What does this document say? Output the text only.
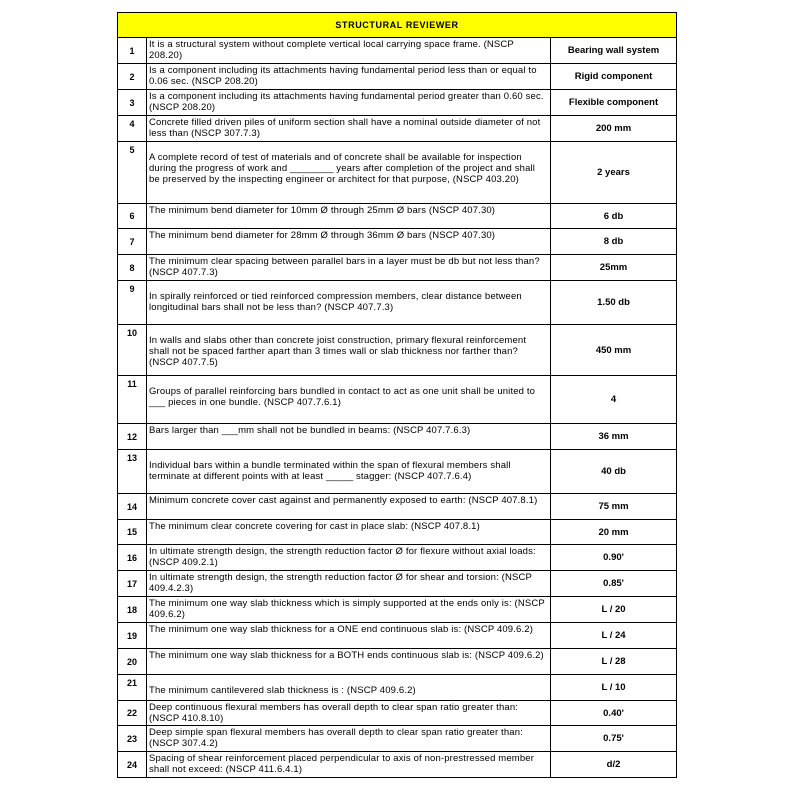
STRUCTURAL REVIEWER		
1	It is a structural system without complete vertical local carrying space frame. (NSCP 208.20)	Bearing wall system
2	Is a component including its attachments having fundamental period less than or equal to 0.06 sec. (NSCP 208.20)	Rigid component
3	Is a component including its attachments having fundamental period greater than 0.60 sec. (NSCP 208.20)	Flexible component
4	Concrete filled driven piles of uniform section shall have a nominal outside diameter of not less than (NSCP 307.7.3)	200 mm
5	A complete record of test of materials and of concrete shall be available for inspection during the progress of work and ________ years after completion of the project and shall be preserved by the inspecting engineer or architect for that purpose, (NSCP 403.20)	2 years
6	The minimum bend diameter for 10mm Ø through 25mm Ø bars (NSCP 407.30)	6 db
7	The minimum bend diameter for 28mm Ø through 36mm Ø bars (NSCP 407.30)	8 db
8	The minimum clear spacing between parallel bars in a layer must be db but not less than? (NSCP 407.7.3)	25mm
9	In spirally reinforced or tied reinforced compression members, clear distance between longitudinal bars shall not be less than? (NSCP 407.7.3)	1.50 db
10	In walls and slabs other than concrete joist construction, primary flexural reinforcement shall not be spaced farther apart than 3 times wall or slab thickness nor farther than? (NSCP 407.7.5)	450 mm
11	Groups of parallel reinforcing bars bundled in contact to act as one unit shall be united to ___ pieces in one bundle. (NSCP 407.7.6.1)	4
12	Bars larger than ___mm shall not be bundled in beams: (NSCP 407.7.6.3)	36 mm
13	Individual bars within a bundle terminated within the span of flexural members shall terminate at different points with at least _____ stagger: (NSCP 407.7.6.4)	40 db
14	Minimum concrete cover cast against and permanently exposed to earth: (NSCP 407.8.1)	75 mm
15	The minimum clear concrete covering for cast in place slab: (NSCP 407.8.1)	20 mm
16	In ultimate strength design, the strength reduction factor Ø for flexure without axial loads: (NSCP 409.2.1)	0.90'
17	In ultimate strength design, the strength reduction factor Ø for shear and torsion: (NSCP 409.4.2.3)	0.85'
18	The minimum one way slab thickness which is simply supported at the ends only is: (NSCP 409.6.2)	L / 20
19	The minimum one way slab thickness for a ONE end continuous slab is: (NSCP 409.6.2)	L / 24
20	The minimum one way slab thickness for a BOTH ends continuous slab is: (NSCP 409.6.2)	L / 28
21	The minimum cantilevered slab thickness is : (NSCP 409.6.2)	L / 10
22	Deep continuous flexural members has overall depth to clear span ratio greater than: (NSCP 410.8.10)	0.40'
23	Deep simple span flexural members has overall depth to clear span ratio greater than: (NSCP 307.4.2)	0.75'
24	Spacing of shear reinforcement placed perpendicular to axis of non-prestressed member shall not exceed: (NSCP 411.6.4.1)	d/2
